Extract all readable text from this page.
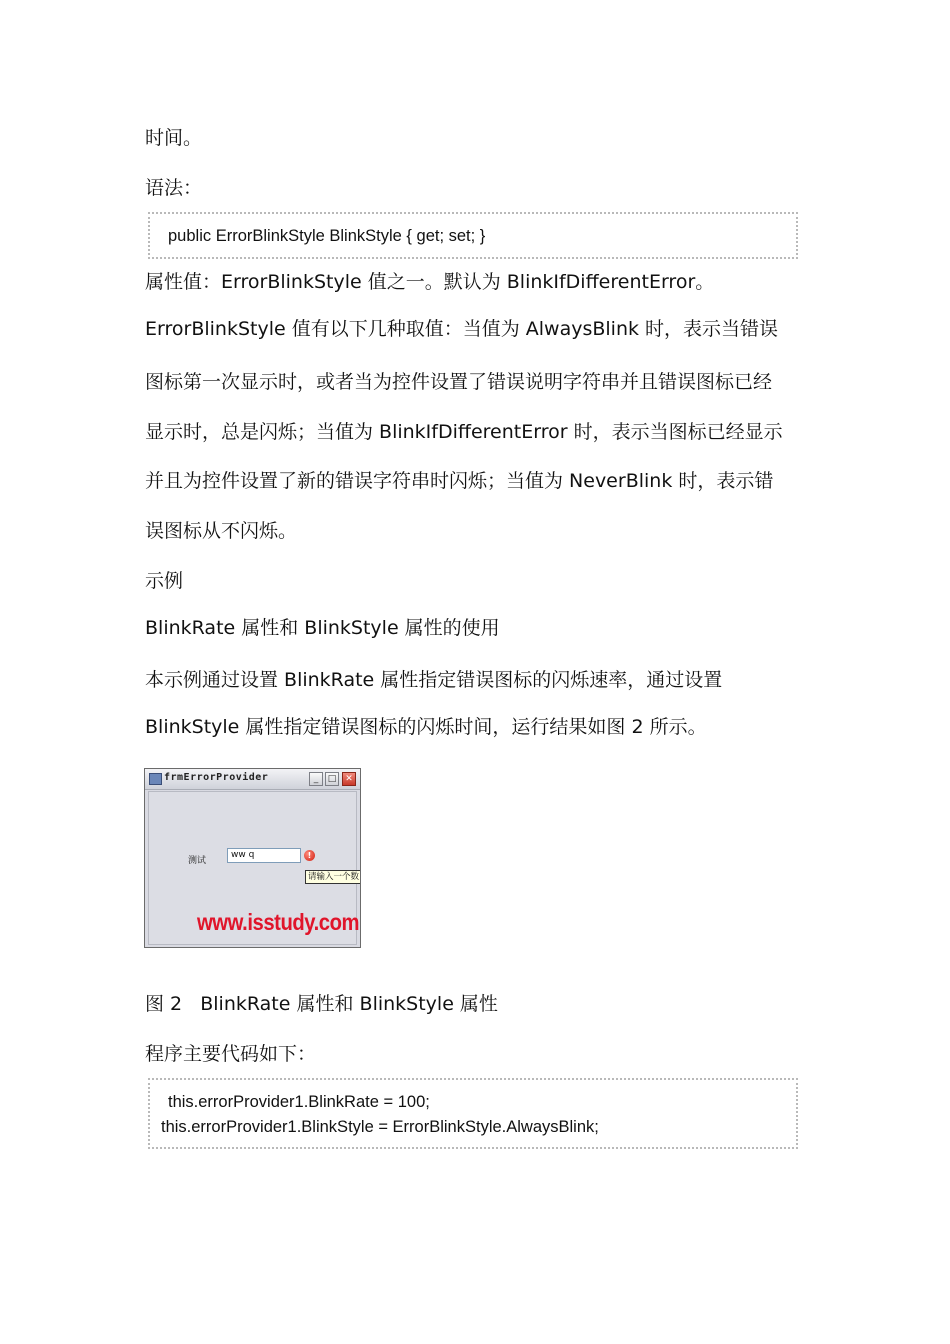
时间。
语法：
public ErrorBlinkStyle BlinkStyle { get; set; }
属性值：ErrorBlinkStyle 值之一。默认为 BlinkIfDifferentError。
ErrorBlinkStyle 值有以下几种取值：当值为 AlwaysBlink 时，表示当错误
图标第一次显示时，或者当为控件设置了错误说明字符串并且错误图标已经
显示时，总是闪烁；当值为 BlinkIfDifferentError 时，表示当图标已经显示
并且为控件设置了新的错误字符串时闪烁；当值为 NeverBlink 时，表示错
误图标从不闪烁。
示例
BlinkRate 属性和 BlinkStyle 属性的使用
本示例通过设置 BlinkRate 属性指定错误图标的闪烁速率，通过设置
BlinkStyle 属性指定错误图标的闪烁时间，运行结果如图 2 所示。
frmErrorProvider	_	□ ✕
测试
ww q	!
请输入一个数
www.isstudy.com
图 2   BlinkRate 属性和 BlinkStyle 属性
程序主要代码如下：
this.errorProvider1.BlinkRate = 100;
this.errorProvider1.BlinkStyle = ErrorBlinkStyle.AlwaysBlink;
